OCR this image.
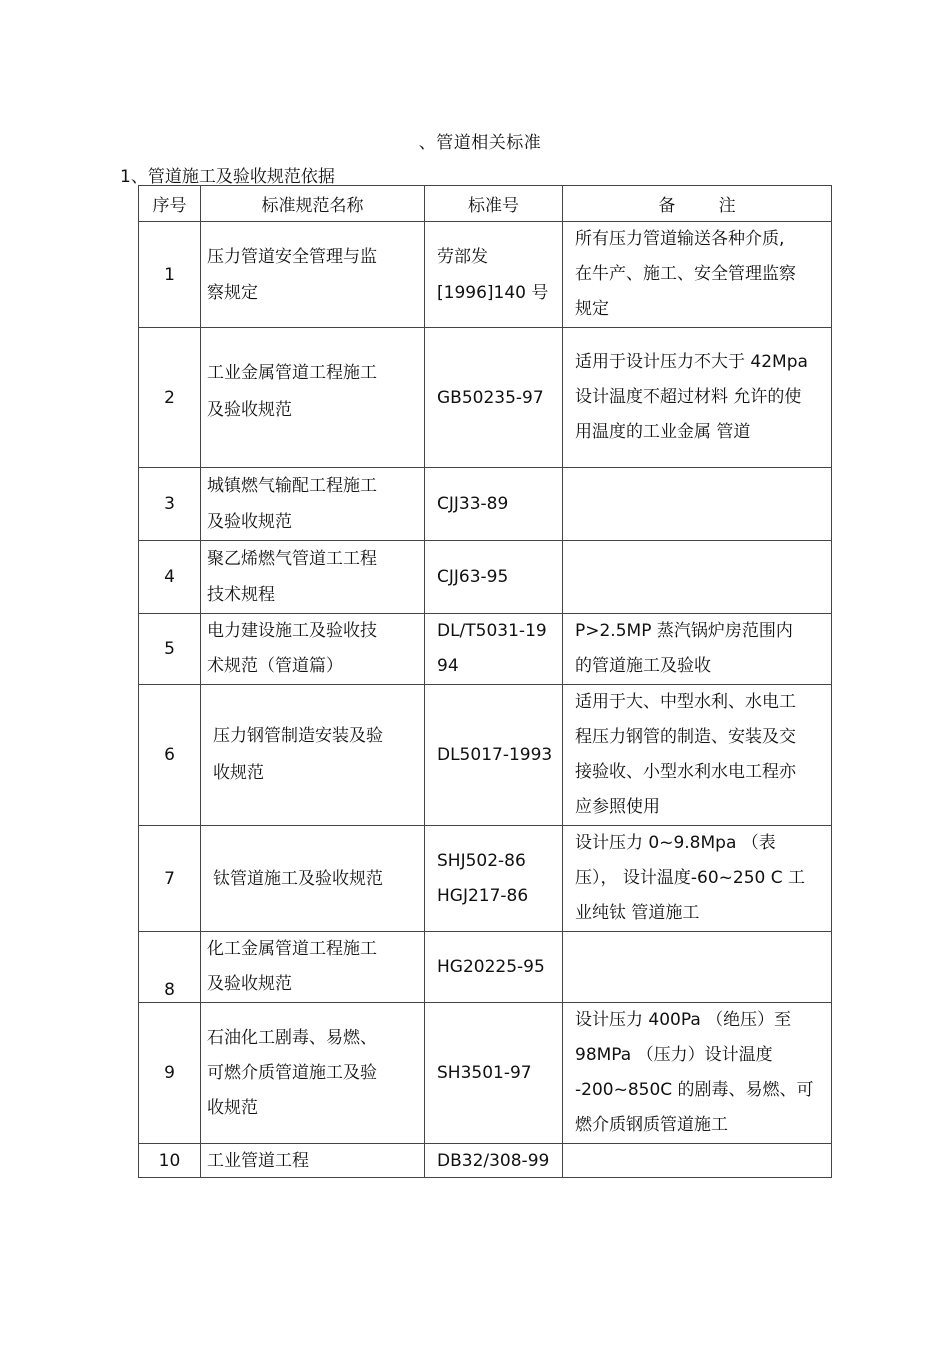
、管道相关标准
1、管道施工及验收规范依据
序号	标准规范名称	标准号	备        注
1	压力管道安全管理与监
察规定	劳部发
[1996]140 号	所有压力管道输送各种介质,
在牛产、施工、安全管理监察
规定

2	工业金属管道工程施工
及验收规范	GB50235-97	适用于设计压力不大于 42Mpa
设计温度不超过材料 允许的使
用温度的工业金属 管道

3	城镇燃气输配工程施工
及验收规范	CJJ33-89	

4	聚乙烯燃气管道工工程
技术规程	CJJ63-95	

5	电力建设施工及验收技
术规范（管道篇）	DL/T5031-19
94	P>2.5MP 蒸汽锅炉房范围内
的管道施工及验收

6	压力钢管制造安装及验
收规范	DL5017-1993	适用于大、中型水利、水电工
程压力钢管的制造、安装及交
接验收、小型水利水电工程亦
应参照使用

7	钛管道施工及验收规范	SHJ502-86
HGJ217-86	设计压力 0~9.8Mpa （表
压）， 设计温度-60~250 C 工
业纯钛 管道施工

8	化工金属管道工程施工
及验收规范	HG20225-95	

9	石油化工剧毒、易燃、
可燃介质管道施工及验
收规范	SH3501-97	设计压力 400Pa （绝压）至
98MPa （压力）设计温度
-200~850C 的剧毒、易燃、可
燃介质钢质管道施工

10	工业管道工程	DB32/308-99	
